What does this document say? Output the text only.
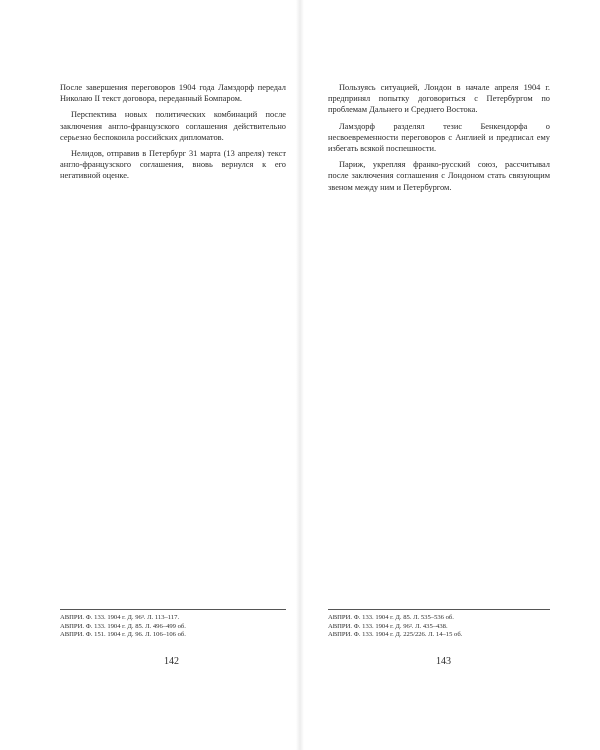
После завершения переговоров 1904 года Ламздорф передал Николаю II текст договора, переданный Бомпаром.

Перспектива новых политических комбинаций после заключения англо-французского соглашения действительно серьезно беспокоила российских дипломатов.

Нелидов, отправив в Петербург 31 марта (13 апреля) текст англо-французского соглашения, вновь вернулся к его негативной оценке.

АВПРИ. Ф. 133. 1904 г. Д. 96³. Л. 113–117.
АВПРИ. Ф. 133. 1904 г. Д. 85. Л. 496–499 об.
АВПРИ. Ф. 151. 1904 г. Д. 96. Л. 106–106 об.
142

Пользуясь ситуацией, Лондон в начале апреля 1904 г. предпринял попытку договориться с Петербургом по проблемам Дальнего и Среднего Востока.

Ламздорф разделял тезис Бенкендорфа о несвоевременности переговоров с Англией и предписал ему избегать всякой поспешности.

Париж, укрепляя франко-русский союз, рассчитывал после заключения соглашения с Лондоном стать связующим звеном между ним и Петербургом.

АВПРИ. Ф. 133. 1904 г. Д. 85. Л. 535–536 об.
АВПРИ. Ф. 133. 1904 г. Д. 96². Л. 435–438.
АВПРИ. Ф. 133. 1904 г. Д. 225/226. Л. 14–15 об.
143
